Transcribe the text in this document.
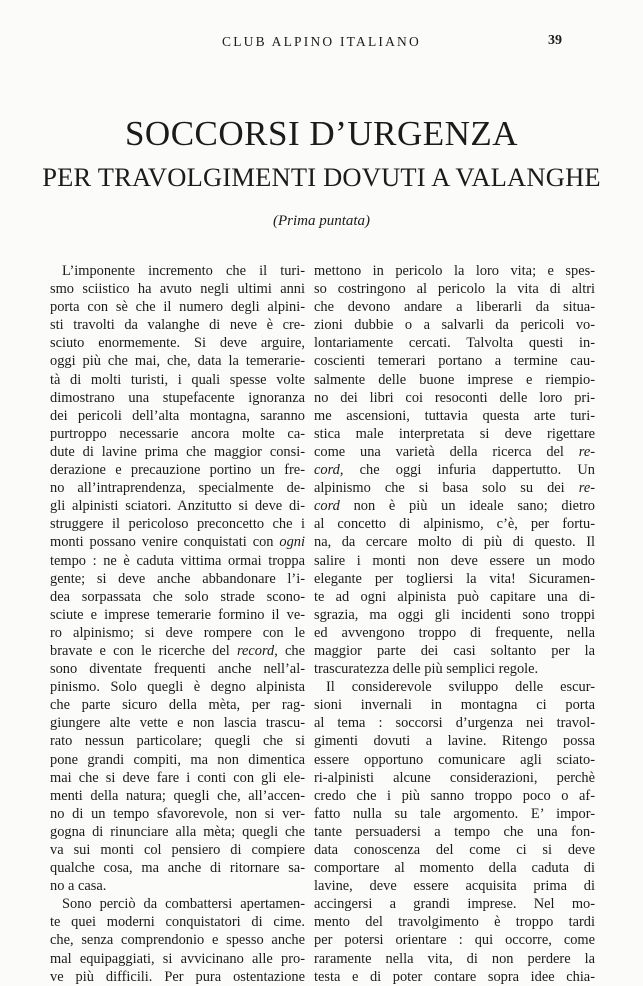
CLUB ALPINO ITALIANO	39
SOCCORSI D’URGENZA
PER TRAVOLGIMENTI DOVUTI A VALANGHE
(Prima puntata)
L’imponente incremento che il turi-
smo sciistico ha avuto negli ultimi anni
porta con sè che il numero degli alpini-
sti travolti da valanghe di neve è cre-
sciuto enormemente. Si deve arguire,
oggi più che mai, che, data la temerarie-
tà di molti turisti, i quali spesse volte
dimostrano una stupefacente ignoranza
dei pericoli dell’alta montagna, saranno
purtroppo necessarie ancora molte ca-
dute di lavine prima che maggior consi-
derazione e precauzione portino un fre-
no all’intraprendenza, specialmente de-
gli alpinisti sciatori. Anzitutto si deve di-
struggere il pericoloso preconcetto che i
monti possano venire conquistati con ogni
tempo : ne è caduta vittima ormai troppa
gente; si deve anche abbandonare l’i-
dea sorpassata che solo strade scono-
sciute e imprese temerarie formino il ve-
ro alpinismo; si deve rompere con le
bravate e con le ricerche del record, che
sono diventate frequenti anche nell’al-
pinismo. Solo quegli è degno alpinista
che parte sicuro della mèta, per rag-
giungere alte vette e non lascia trascu-
rato nessun particolare; quegli che si
pone grandi compiti, ma non dimentica
mai che si deve fare i conti con gli ele-
menti della natura; quegli che, all’accen-
no di un tempo sfavorevole, non si ver-
gogna di rinunciare alla mèta; quegli che
va sui monti col pensiero di compiere
qualche cosa, ma anche di ritornare sa-
no a casa.
Sono perciò da combattersi apertamen-
te quei moderni conquistatori di cime.
che, senza comprendonio e spesso anche
mal equipaggiati, si avvicinano alle pro-
ve più difficili. Per pura ostentazione
mettono in pericolo la loro vita; e spes-
so costringono al pericolo la vita di altri
che devono andare a liberarli da situa-
zioni dubbie o a salvarli da pericoli vo-
lontariamente cercati. Talvolta questi in-
coscienti temerari portano a termine cau-
salmente delle buone imprese e riempio-
no dei libri coi resoconti delle loro pri-
me ascensioni, tuttavia questa arte turi-
stica male interpretata si deve rigettare
come una varietà della ricerca del re-
cord, che oggi infuria dappertutto. Un
alpinismo che si basa solo su dei re-
cord non è più un ideale sano; dietro
al concetto di alpinismo, c’è, per fortu-
na, da cercare molto di più di questo. Il
salire i monti non deve essere un modo
elegante per togliersi la vita! Sicuramen-
te ad ogni alpinista può capitare una di-
sgrazia, ma oggi gli incidenti sono troppi
ed avvengono troppo di frequente, nella
maggior parte dei casi soltanto per la
trascuratezza delle più semplici regole.
Il considerevole sviluppo delle escur-
sioni invernali in montagna ci porta
al tema : soccorsi d’urgenza nei travol-
gimenti dovuti a lavine. Ritengo possa
essere opportuno comunicare agli sciato-
ri-alpinisti alcune considerazioni, perchè
credo che i più sanno troppo poco o af-
fatto nulla su tale argomento. E’ impor-
tante persuadersi a tempo che una fon-
data conoscenza del come ci si deve
comportare al momento della caduta di
lavine, deve essere acquisita prima di
accingersi a grandi imprese. Nel mo-
mento del travolgimento è troppo tardi
per potersi orientare : qui occorre, come
raramente nella vita, di non perdere la
testa e di poter contare sopra idee chia-
